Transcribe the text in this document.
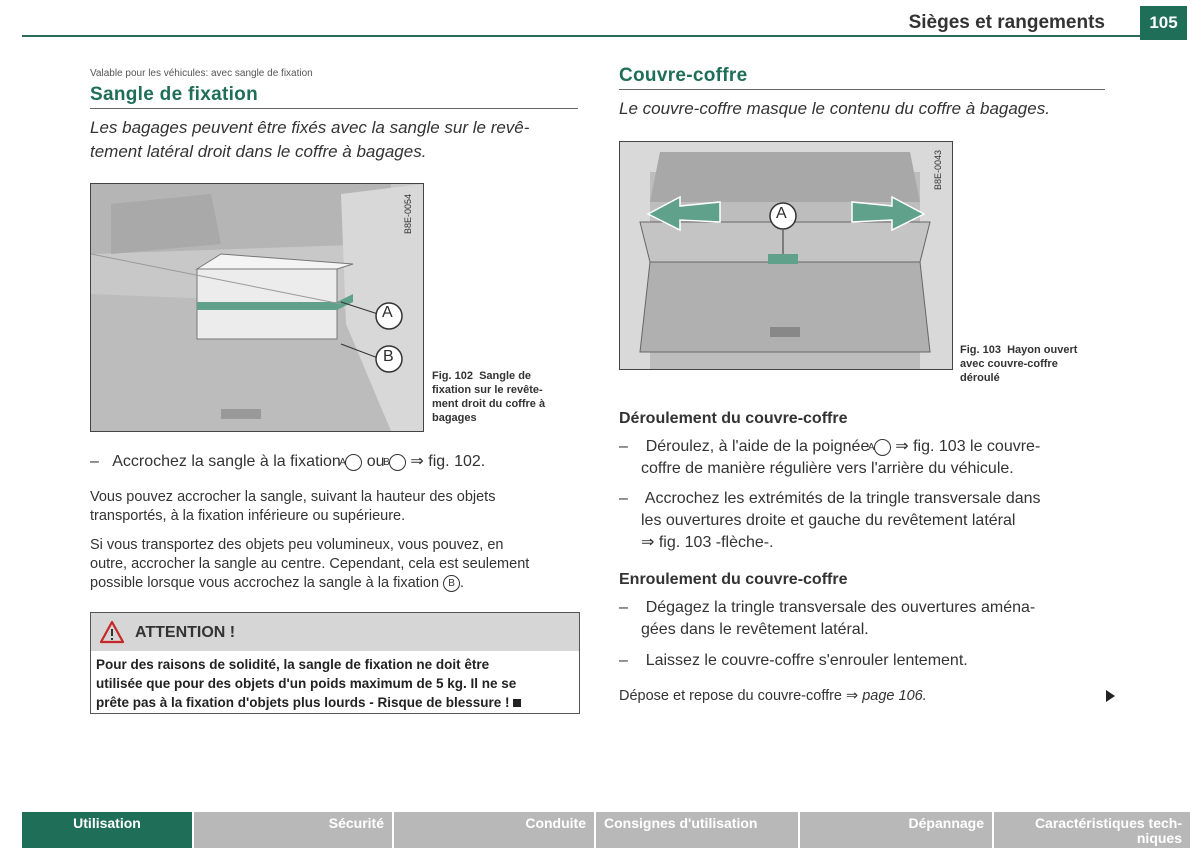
Sièges et rangements	105
Valable pour les véhicules: avec sangle de fixation
Sangle de fixation
Les bagages peuvent être fixés avec la sangle sur le revê-
tement latéral droit dans le coffre à bagages.
A
B
B8E-0054
Fig. 102 Sangle de
fixation sur le revête-
ment droit du coffre à
bagages
–   Accrochez la sangle à la fixation A ou B ⇒ fig. 102.
Vous pouvez accrocher la sangle, suivant la hauteur des objets
transportés, à la fixation inférieure ou supérieure.
Si vous transportez des objets peu volumineux, vous pouvez, en
outre, accrocher la sangle au centre. Cependant, cela est seulement
possible lorsque vous accrochez la sangle à la fixation B .
ATTENTION !
Pour des raisons de solidité, la sangle de fixation ne doit être
utilisée que pour des objets d'un poids maximum de 5 kg. Il ne se
prête pas à la fixation d'objets plus lourds - Risque de blessure !
Couvre-coffre
Le couvre-coffre masque le contenu du coffre à bagages.
A
B8E-0043
Fig. 103 Hayon ouvert
avec couvre-coffre
déroulé
Déroulement du couvre-coffre
–    Déroulez, à l'aide de la poignée A ⇒ fig. 103 le couvre-
coffre de manière régulière vers l'arrière du véhicule.
–    Accrochez les extrémités de la tringle transversale dans
les ouvertures droite et gauche du revêtement latéral
⇒ fig. 103 -flèche-.
Enroulement du couvre-coffre
–    Dégagez la tringle transversale des ouvertures aména-
gées dans le revêtement latéral.
–    Laissez le couvre-coffre s'enrouler lentement.
Dépose et repose du couvre-coffre ⇒ page 106.
Utilisation	Sécurité	Conduite	Consignes d'utilisation	Dépannage	Caractéristiques tech-
niques
